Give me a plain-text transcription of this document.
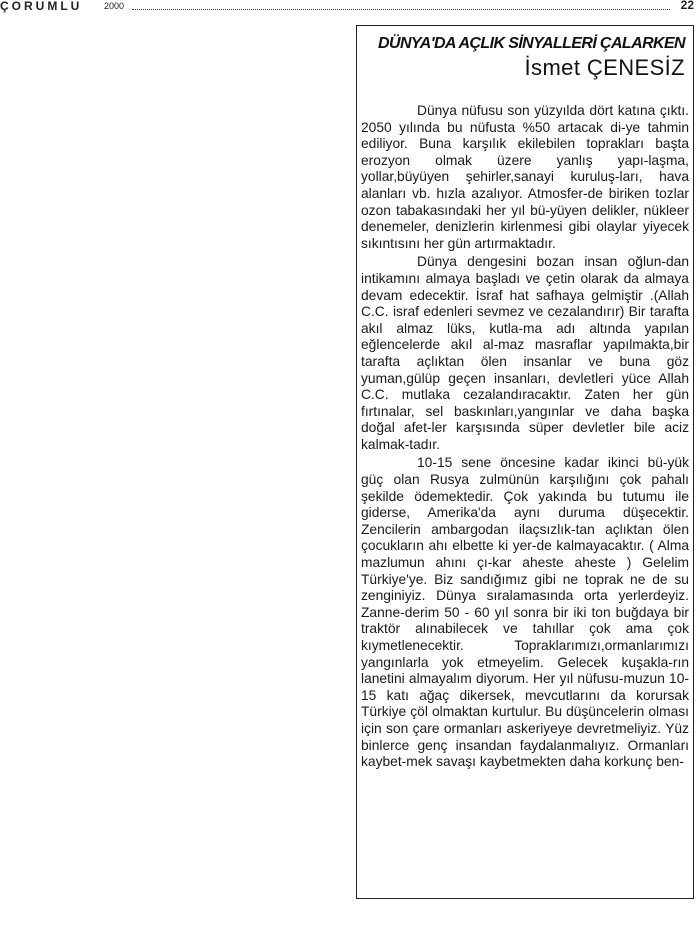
ÇORUMLU 2000	22
DÜNYA'DA AÇLIK SİNYALLERİ ÇALARKEN
İsmet ÇENESİZ

Dünya nüfusu son yüzyılda dört katına çıktı. 2050 yılında bu nüfusta %50 artacak di-ye tahmin ediliyor. Buna karşılık ekilebilen toprakları başta erozyon olmak üzere yanlış yapı-laşma, yollar,büyüyen şehirler,sanayi kuruluş-ları, hava alanları vb. hızla azalıyor. Atmosfer-de biriken tozlar ozon tabakasındaki her yıl bü-yüyen delikler, nükleer denemeler, denizlerin kirlenmesi gibi olaylar yiyecek sıkıntısını her gün artırmaktadır.

Dünya dengesini bozan insan oğlun-dan intikamını almaya başladı ve çetin olarak da almaya devam edecektir. İsraf hat safhaya gelmiştir .(Allah C.C. israf edenleri sevmez ve cezalandırır) Bir tarafta akıl almaz lüks, kutla-ma adı altında yapılan eğlencelerde akıl al-maz masraflar yapılmakta,bir tarafta açlıktan ölen insanlar ve buna göz yuman,gülüp geçen insanları, devletleri yüce Allah C.C. mutlaka cezalandıracaktır. Zaten her gün fırtınalar, sel baskınları,yangınlar ve daha başka doğal afet-ler karşısında süper devletler bile aciz kalmak-tadır.

10-15 sene öncesine kadar ikinci bü-yük güç olan Rusya zulmünün karşılığını çok pahalı şekilde ödemektedir. Çok yakında bu tutumu ile giderse, Amerika'da aynı duruma düşecektir. Zencilerin ambargodan ilaçsızlık-tan açlıktan ölen çocukların ahı elbette ki yer-de kalmayacaktır. ( Alma mazlumun ahını çı-kar aheste aheste ) Gelelim Türkiye'ye. Biz sandığımız gibi ne toprak ne de su zenginiyiz. Dünya sıralamasında orta yerlerdeyiz. Zanne-derim 50 - 60 yıl sonra bir iki ton buğdaya bir traktör alınabilecek ve tahıllar çok ama çok kıymetlenecektir. Topraklarımızı,ormanlarımızı yangınlarla yok etmeyelim. Gelecek kuşakla-rın lanetini almayalım diyorum. Her yıl nüfusu-muzun 10-15 katı ağaç dikersek, mevcutlarını da korursak Türkiye çöl olmaktan kurtulur. Bu düşüncelerin olması için son çare ormanları askeriyeye devretmeliyiz. Yüz binlerce genç insandan faydalanmalıyız. Ormanları kaybet-mek savaşı kaybetmekten daha korkunç ben-
